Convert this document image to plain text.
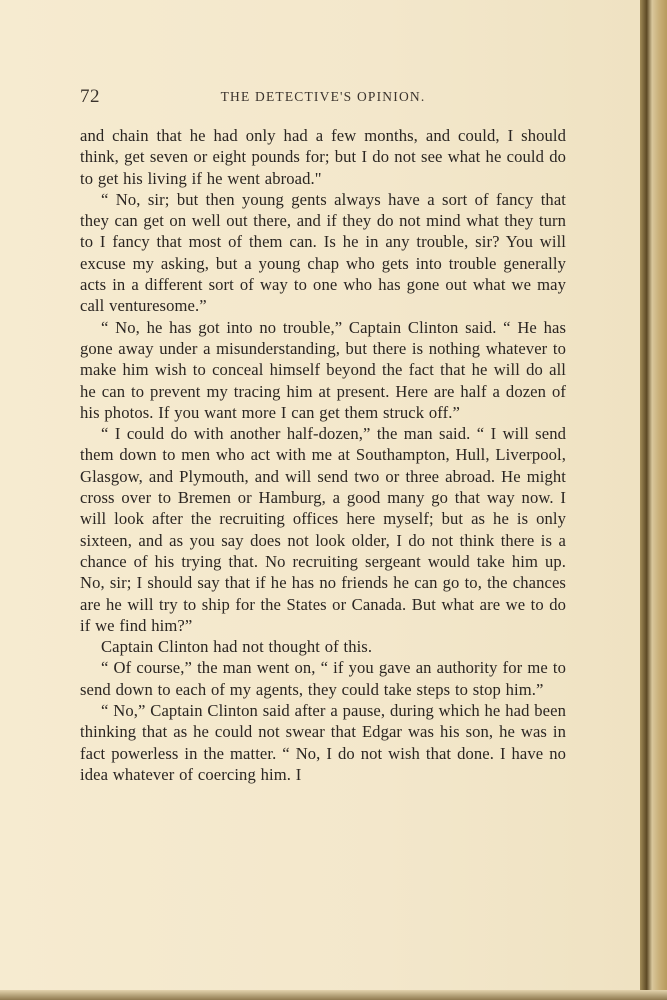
72	THE DETECTIVE'S OPINION.

and chain that he had only had a few months, and could, I should think, get seven or eight pounds for; but I do not see what he could do to get his living if he went abroad."

“ No, sir; but then young gents always have a sort of fancy that they can get on well out there, and if they do not mind what they turn to I fancy that most of them can. Is he in any trouble, sir? You will excuse my asking, but a young chap who gets into trouble generally acts in a different sort of way to one who has gone out what we may call venturesome.”

“ No, he has got into no trouble,” Captain Clinton said. “ He has gone away under a misunderstanding, but there is nothing whatever to make him wish to conceal himself beyond the fact that he will do all he can to prevent my tracing him at present. Here are half a dozen of his photos. If you want more I can get them struck off.”

“ I could do with another half-dozen,” the man said. “ I will send them down to men who act with me at Southampton, Hull, Liverpool, Glasgow, and Plymouth, and will send two or three abroad. He might cross over to Bremen or Hamburg, a good many go that way now. I will look after the recruiting offices here myself; but as he is only sixteen, and as you say does not look older, I do not think there is a chance of his trying that. No recruiting sergeant would take him up. No, sir; I should say that if he has no friends he can go to, the chances are he will try to ship for the States or Canada. But what are we to do if we find him?”

Captain Clinton had not thought of this.

“ Of course,” the man went on, “ if you gave an authority for me to send down to each of my agents, they could take steps to stop him.”

“ No,” Captain Clinton said after a pause, during which he had been thinking that as he could not swear that Edgar was his son, he was in fact powerless in the matter. “ No, I do not wish that done. I have no idea whatever of coercing him. I
